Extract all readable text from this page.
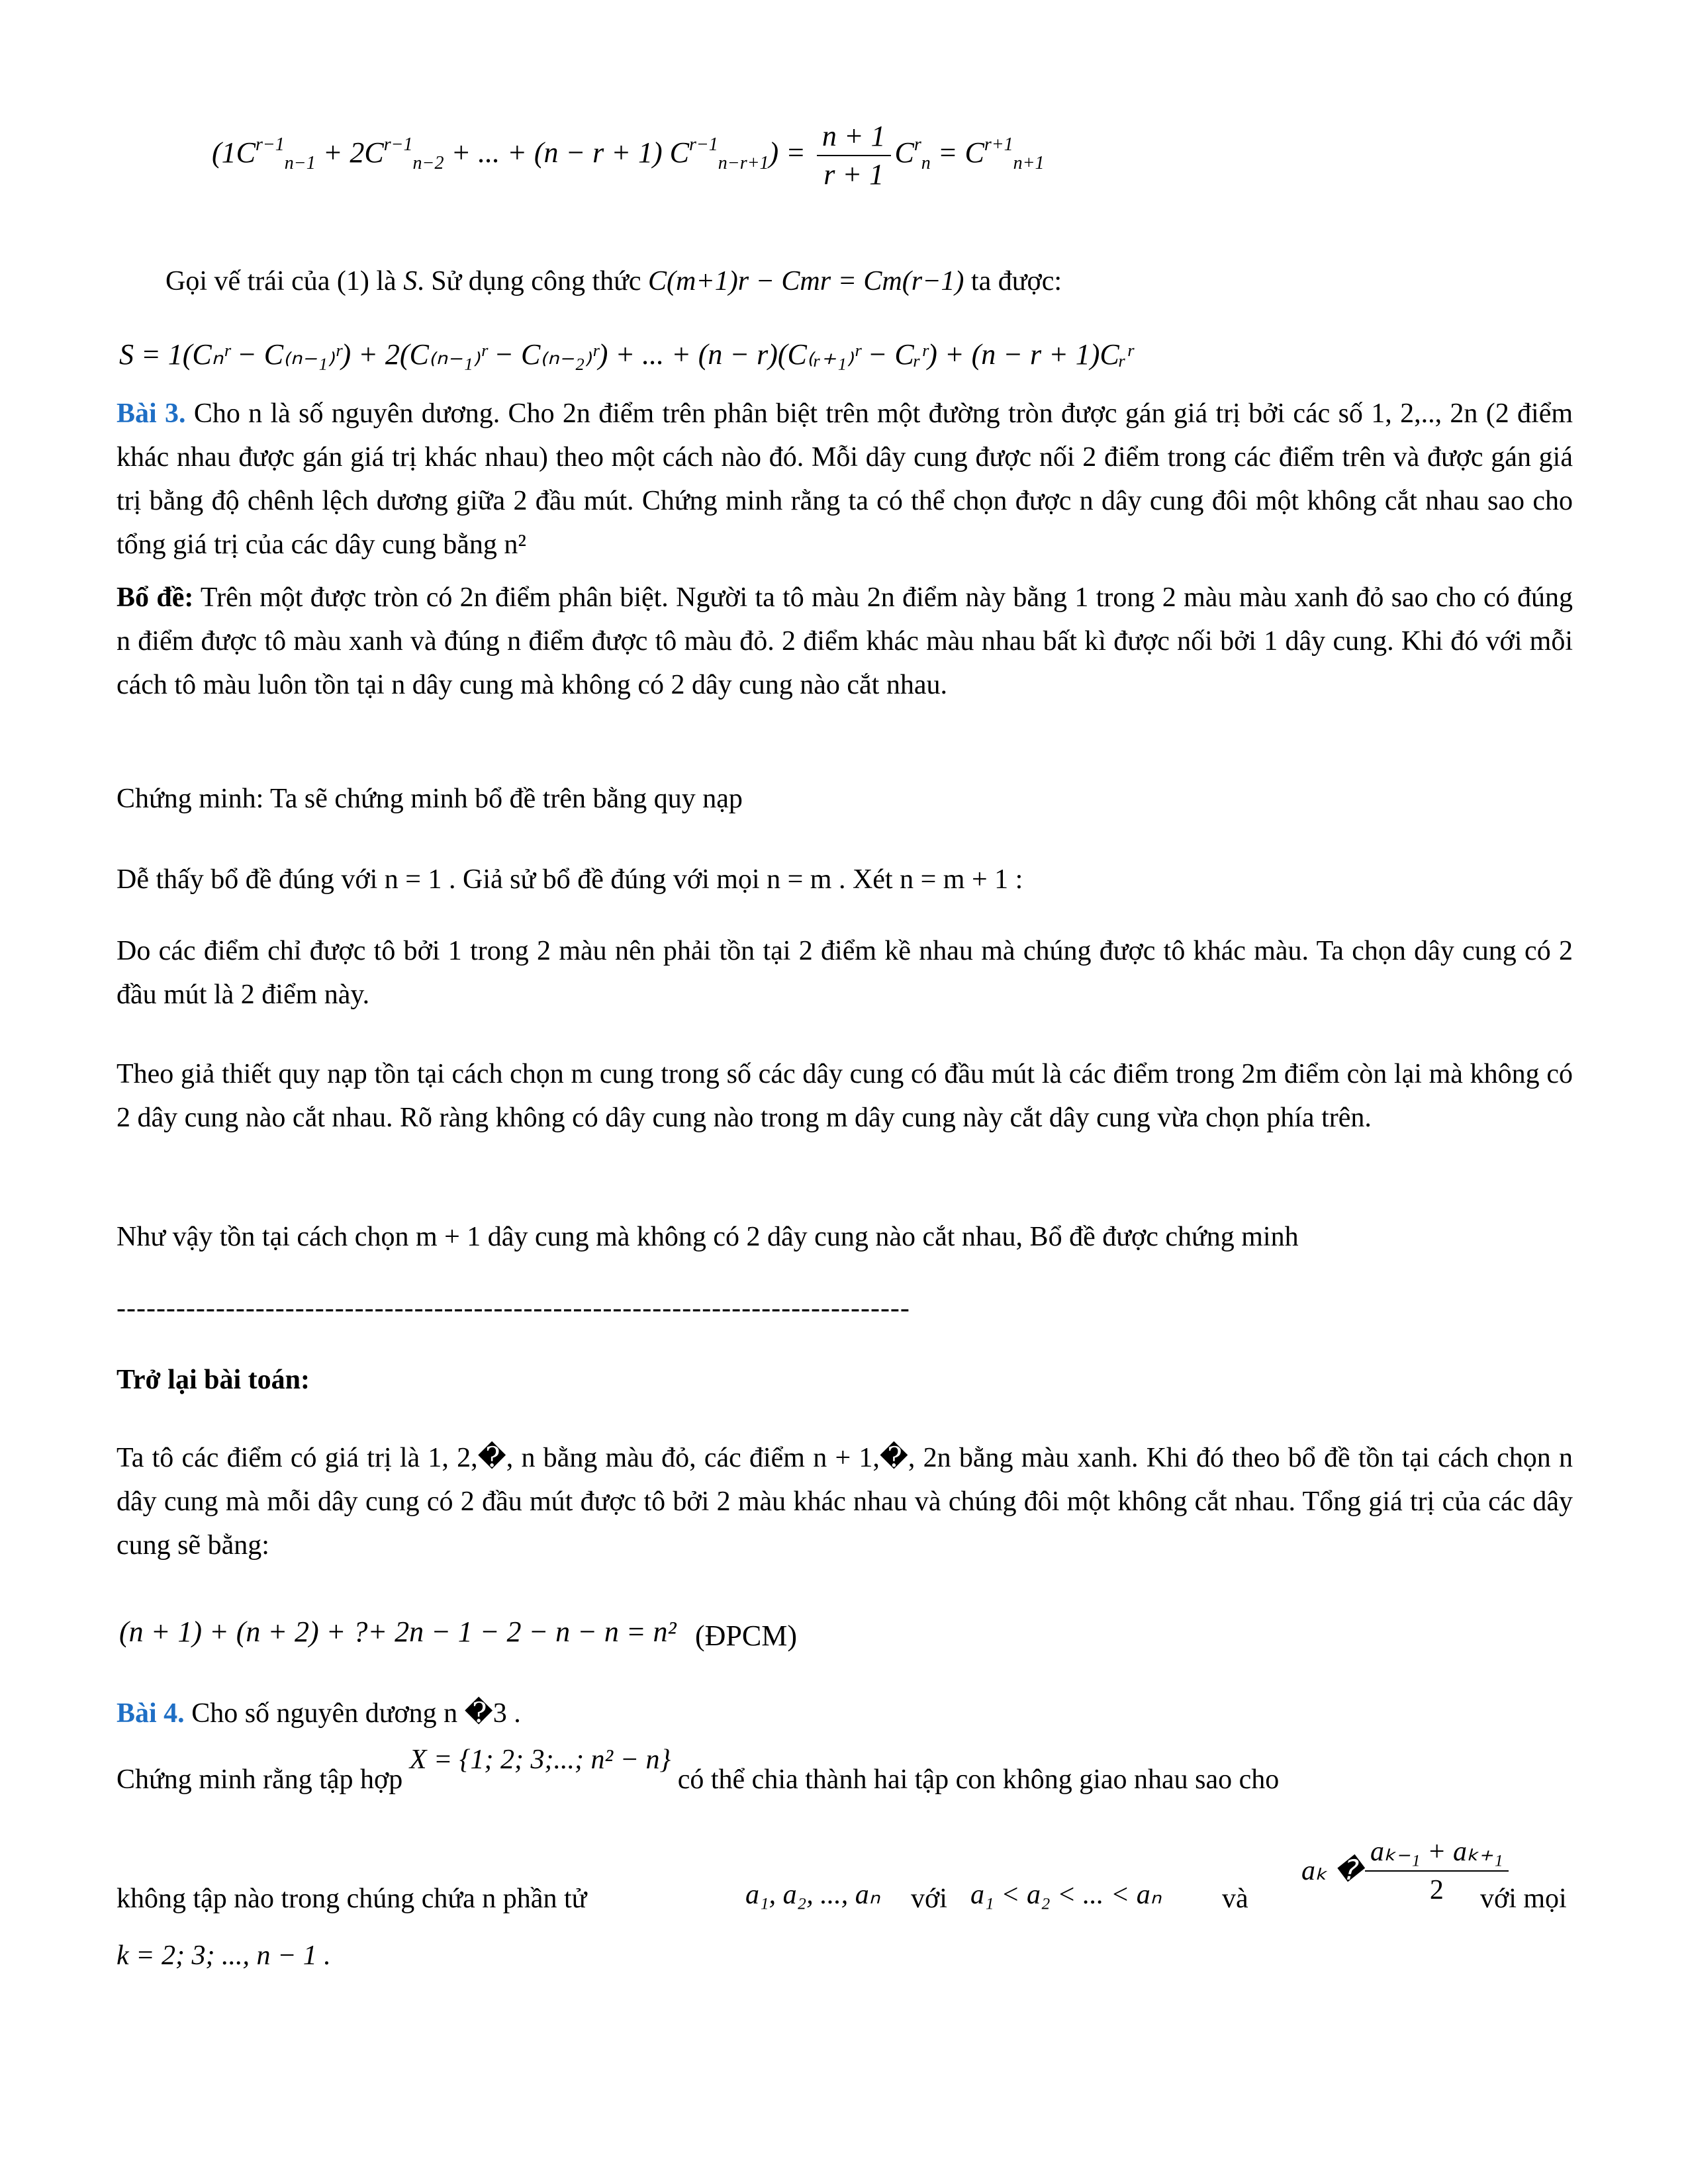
($1C^{r-1}_{n-1} + 2C^{r-1}_{n-2}$ + ... + (n − r + 1) $C^{r-1}_{n-r+1}) = \frac{n + 1}{r + 1} C^r_n = C^{r+1}_{n+1}$
Gọi vế trái của (1) là S. Sử dụng công thức C(m+1)r − Cmr = Cm(r−1) ta được:
S = 1(Cₙʳ − C₍ₙ₋₁₎ʳ) + 2(C₍ₙ₋₁₎ʳ − C₍ₙ₋₂₎ʳ) + ... + (n − r)(C₍ᵣ₊₁₎ʳ − Cᵣʳ) + (n − r + 1)Cᵣʳ
Bài 3. Cho n là số nguyên dương. Cho 2n điểm trên phân biệt trên một đường tròn được gán giá trị bởi các số 1, 2,.., 2n (2 điểm khác nhau được gán giá trị khác nhau) theo một cách nào đó. Mỗi dây cung được nối 2 điểm trong các điểm trên và được gán giá trị bằng độ chênh lệch dương giữa 2 đầu mút. Chứng minh rằng ta có thể chọn được n dây cung đôi một không cắt nhau sao cho tổng giá trị của các dây cung bằng n²
Bổ đề: Trên một được tròn có 2n điểm phân biệt. Người ta tô màu 2n điểm này bằng 1 trong 2 màu màu xanh đỏ sao cho có đúng n điểm được tô màu xanh và đúng n điểm được tô màu đỏ. 2 điểm khác màu nhau bất kì được nối bởi 1 dây cung. Khi đó với mỗi cách tô màu luôn tồn tại n dây cung mà không có 2 dây cung nào cắt nhau.
Chứng minh: Ta sẽ chứng minh bổ đề trên bằng quy nạp
Dễ thấy bổ đề đúng với n = 1 . Giả sử bổ đề đúng với mọi n = m . Xét n = m + 1 :
Do các điểm chỉ được tô bởi 1 trong 2 màu nên phải tồn tại 2 điểm kề nhau mà chúng được tô khác màu. Ta chọn dây cung có 2 đầu mút là 2 điểm này.
Theo giả thiết quy nạp tồn tại cách chọn m cung trong số các dây cung có đầu mút là các điểm trong 2m điểm còn lại mà không có 2 dây cung nào cắt nhau. Rõ ràng không có dây cung nào trong m dây cung này cắt dây cung vừa chọn phía trên.
Như vậy tồn tại cách chọn m + 1 dây cung mà không có 2 dây cung nào cắt nhau, Bổ đề được chứng minh
--------------------------------------------------------------------------------
Trở lại bài toán:
Ta tô các điểm có giá trị là 1, 2,�, n bằng màu đỏ, các điểm n + 1,�, 2n bằng màu xanh. Khi đó theo bổ đề tồn tại cách chọn n dây cung mà mỗi dây cung có 2 đầu mút được tô bởi 2 màu khác nhau và chúng đôi một không cắt nhau. Tổng giá trị của các dây cung sẽ bằng:
(n + 1) + (n + 2) + ?+ 2n − 1 − 2 − n − n = n² (ĐPCM)
Bài 4. Cho số nguyên dương n �3 .
Chứng minh rằng tập hợp X = {1; 2; 3;...; n² − n} có thể chia thành hai tập con không giao nhau sao cho
không tập nào trong chúng chứa n phần tử	a₁, a₂, ..., aₙ với a₁ < a₂ < ... < aₙ và
aₖ � $\frac{\text{aₖ₋₁ + aₖ₊₁}}{2}$
với mọi
k = 2; 3; ..., n − 1 .
